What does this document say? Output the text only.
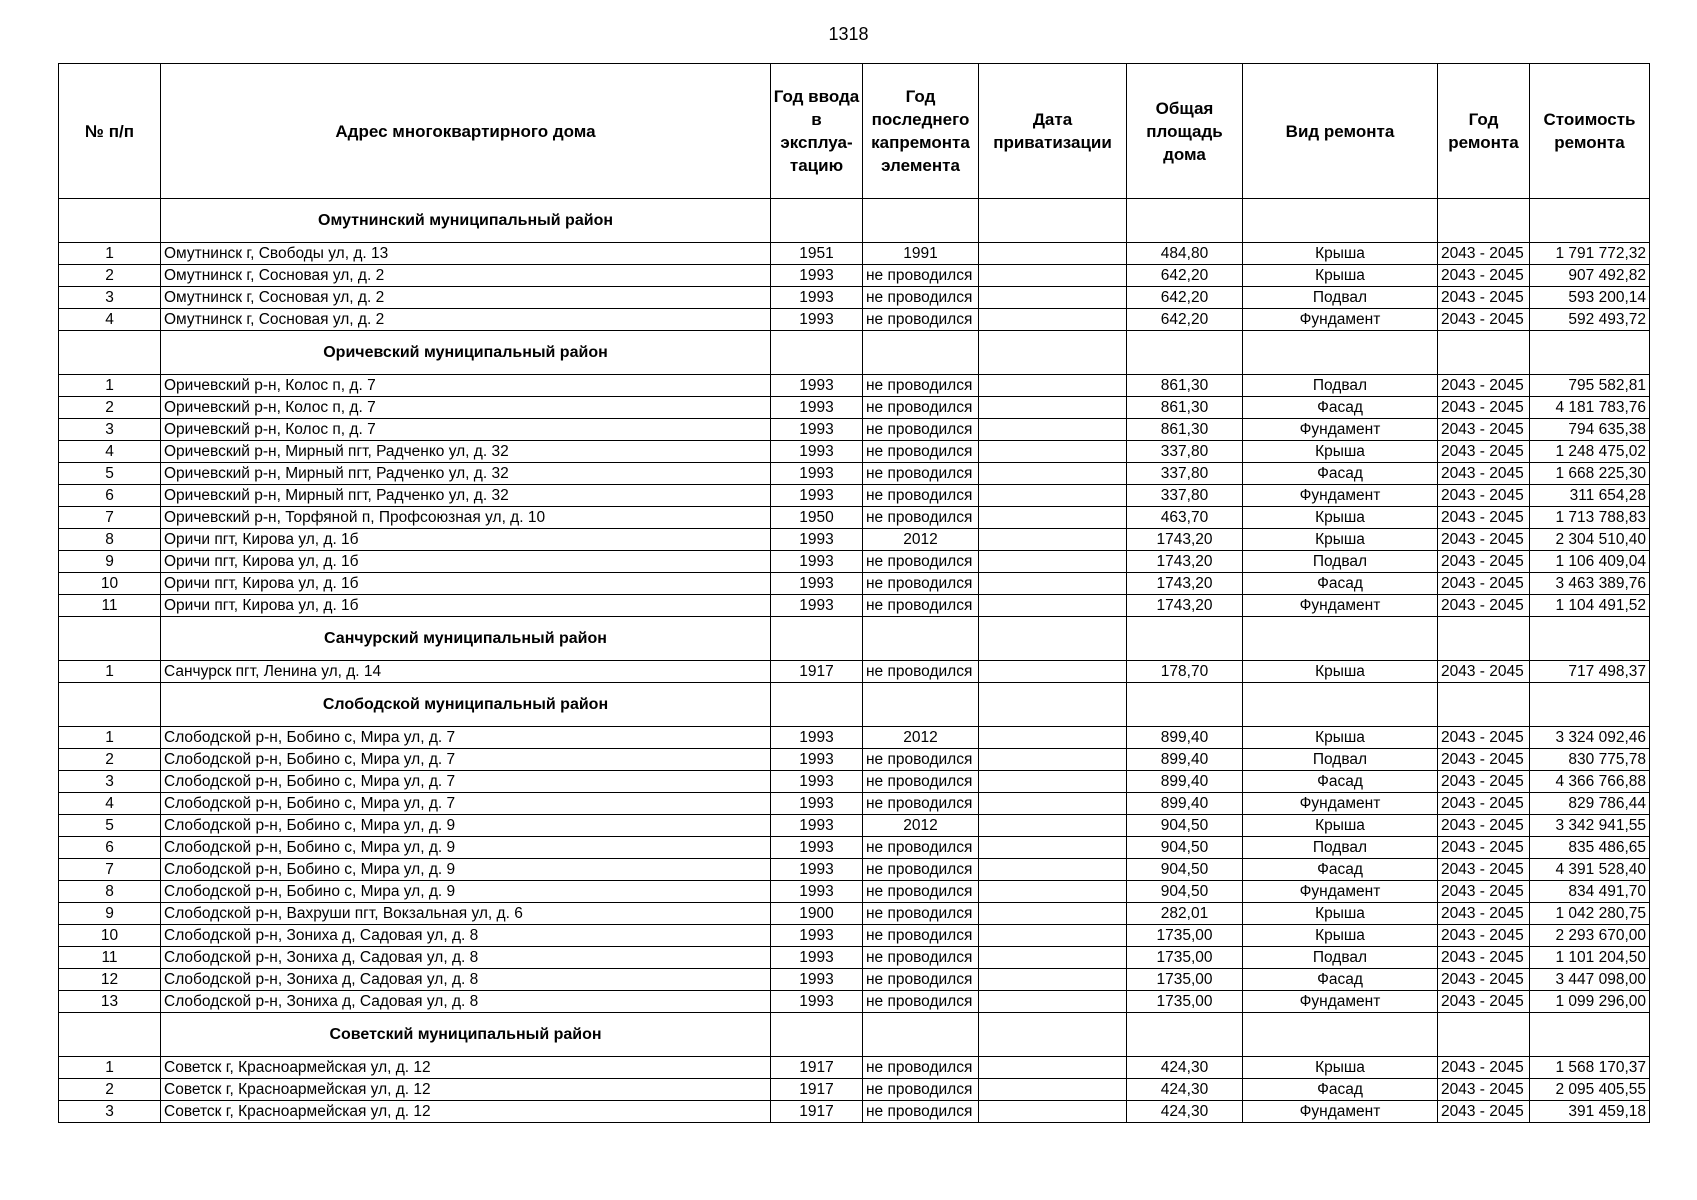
1318
№ п/п	Адрес многоквартирного дома	Год ввода в эксплуа-тацию	Год последнего капремонта элемента	Дата приватизации	Общая площадь дома	Вид ремонта	Год ремонта	Стоимость ремонта
	Омутнинский муниципальный район							
1	Омутнинск г, Свободы ул, д. 13	1951	1991		484,80	Крыша	2043 - 2045	1 791 772,32
2	Омутнинск г, Сосновая ул, д. 2	1993	не проводился		642,20	Крыша	2043 - 2045	907 492,82
3	Омутнинск г, Сосновая ул, д. 2	1993	не проводился		642,20	Подвал	2043 - 2045	593 200,14
4	Омутнинск г, Сосновая ул, д. 2	1993	не проводился		642,20	Фундамент	2043 - 2045	592 493,72
	Оричевский муниципальный район							
1	Оричевский р-н, Колос п, д. 7	1993	не проводился		861,30	Подвал	2043 - 2045	795 582,81
2	Оричевский р-н, Колос п, д. 7	1993	не проводился		861,30	Фасад	2043 - 2045	4 181 783,76
3	Оричевский р-н, Колос п, д. 7	1993	не проводился		861,30	Фундамент	2043 - 2045	794 635,38
4	Оричевский р-н, Мирный пгт, Радченко ул, д. 32	1993	не проводился		337,80	Крыша	2043 - 2045	1 248 475,02
5	Оричевский р-н, Мирный пгт, Радченко ул, д. 32	1993	не проводился		337,80	Фасад	2043 - 2045	1 668 225,30
6	Оричевский р-н, Мирный пгт, Радченко ул, д. 32	1993	не проводился		337,80	Фундамент	2043 - 2045	311 654,28
7	Оричевский р-н, Торфяной п, Профсоюзная ул, д. 10	1950	не проводился		463,70	Крыша	2043 - 2045	1 713 788,83
8	Оричи пгт, Кирова ул, д. 1б	1993	2012		1743,20	Крыша	2043 - 2045	2 304 510,40
9	Оричи пгт, Кирова ул, д. 1б	1993	не проводился		1743,20	Подвал	2043 - 2045	1 106 409,04
10	Оричи пгт, Кирова ул, д. 1б	1993	не проводился		1743,20	Фасад	2043 - 2045	3 463 389,76
11	Оричи пгт, Кирова ул, д. 1б	1993	не проводился		1743,20	Фундамент	2043 - 2045	1 104 491,52
	Санчурский муниципальный район							
1	Санчурск пгт, Ленина ул, д. 14	1917	не проводился		178,70	Крыша	2043 - 2045	717 498,37
	Слободской муниципальный район							
1	Слободской р-н, Бобино с, Мира ул, д. 7	1993	2012		899,40	Крыша	2043 - 2045	3 324 092,46
2	Слободской р-н, Бобино с, Мира ул, д. 7	1993	не проводился		899,40	Подвал	2043 - 2045	830 775,78
3	Слободской р-н, Бобино с, Мира ул, д. 7	1993	не проводился		899,40	Фасад	2043 - 2045	4 366 766,88
4	Слободской р-н, Бобино с, Мира ул, д. 7	1993	не проводился		899,40	Фундамент	2043 - 2045	829 786,44
5	Слободской р-н, Бобино с, Мира ул, д. 9	1993	2012		904,50	Крыша	2043 - 2045	3 342 941,55
6	Слободской р-н, Бобино с, Мира ул, д. 9	1993	не проводился		904,50	Подвал	2043 - 2045	835 486,65
7	Слободской р-н, Бобино с, Мира ул, д. 9	1993	не проводился		904,50	Фасад	2043 - 2045	4 391 528,40
8	Слободской р-н, Бобино с, Мира ул, д. 9	1993	не проводился		904,50	Фундамент	2043 - 2045	834 491,70
9	Слободской р-н, Вахруши пгт, Вокзальная ул, д. 6	1900	не проводился		282,01	Крыша	2043 - 2045	1 042 280,75
10	Слободской р-н, Зониха д, Садовая ул, д. 8	1993	не проводился		1735,00	Крыша	2043 - 2045	2 293 670,00
11	Слободской р-н, Зониха д, Садовая ул, д. 8	1993	не проводился		1735,00	Подвал	2043 - 2045	1 101 204,50
12	Слободской р-н, Зониха д, Садовая ул, д. 8	1993	не проводился		1735,00	Фасад	2043 - 2045	3 447 098,00
13	Слободской р-н, Зониха д, Садовая ул, д. 8	1993	не проводился		1735,00	Фундамент	2043 - 2045	1 099 296,00
	Советский муниципальный район							
1	Советск г, Красноармейская ул, д. 12	1917	не проводился		424,30	Крыша	2043 - 2045	1 568 170,37
2	Советск г, Красноармейская ул, д. 12	1917	не проводился		424,30	Фасад	2043 - 2045	2 095 405,55
3	Советск г, Красноармейская ул, д. 12	1917	не проводился		424,30	Фундамент	2043 - 2045	391 459,18
